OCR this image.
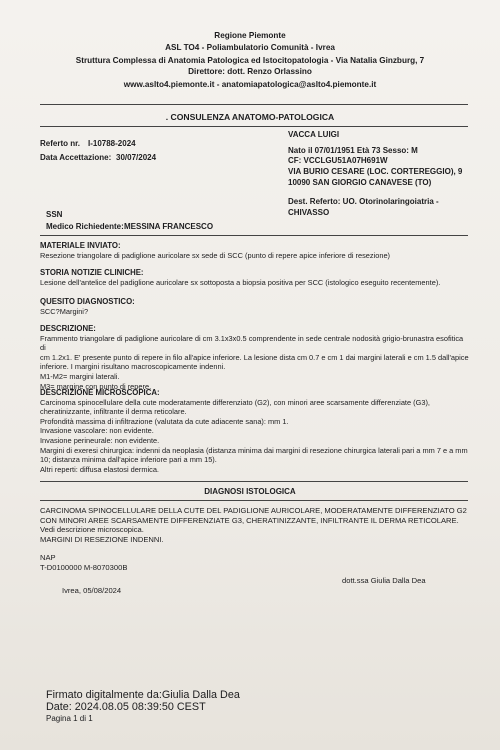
Regione Piemonte
ASL TO4 - Poliambulatorio Comunità - Ivrea
Struttura Complessa di Anatomia Patologica ed Istocitopatologia - Via Natalia Ginzburg, 7
Direttore: dott. Renzo Orlassino
www.aslto4.piemonte.it - anatomiapatologica@aslto4.piemonte.it
. CONSULENZA ANATOMO-PATOLOGICA
Referto nr. I-10788-2024
Data Accettazione: 30/07/2024
VACCA LUIGI
Nato il 07/01/1951 Età 73 Sesso: M
CF: VCCLGU51A07H691W
VIA BURIO CESARE (LOC. CORTEREGGIO), 9
10090 SAN GIORGIO CANAVESE (TO)
Dest. Referto: UO. Otorinolaringoiatria -
CHIVASSO
SSN
Medico Richiedente: MESSINA FRANCESCO
MATERIALE INVIATO:
Resezione triangolare di padiglione auricolare sx sede di SCC (punto di repere apice inferiore di resezione)
STORIA NOTIZIE CLINICHE:
Lesione dell'antelice del padiglione auricolare sx sottoposta a biopsia positiva per SCC (istologico eseguito recentemente).
QUESITO DIAGNOSTICO:
SCC?Margini?
DESCRIZIONE:
Frammento triangolare di padiglione auricolare di cm 3.1x3x0.5 comprendente in sede centrale nodosità grigio-brunastra esofitica di
cm 1.2x1. E' presente punto di repere in filo all'apice inferiore. La lesione dista cm 0.7 e cm 1 dai margini laterali e cm 1.5 dall'apice
inferiore. I margini risultano macroscopicamente indenni.
M1-M2= margini laterali.
M3= margine con punto di repere.
DESCRIZIONE MICROSCOPICA:
Carcinoma spinocellulare della cute moderatamente differenziato (G2), con minori aree scarsamente differenziate (G3),
cheratinizzante, infiltrante il derma reticolare.
Profondità massima di infiltrazione (valutata da cute adiacente sana): mm 1.
Invasione vascolare: non evidente.
Invasione perineurale: non evidente.
Margini di exeresi chirurgica: indenni da neoplasia (distanza minima dai margini di resezione chirurgica laterali pari a mm 7 e a mm
10; distanza minima dall'apice inferiore pari a mm 15).
Altri reperti: diffusa elastosi dermica.
DIAGNOSI ISTOLOGICA
CARCINOMA SPINOCELLULARE DELLA CUTE DEL PADIGLIONE AURICOLARE, MODERATAMENTE DIFFERENZIATO G2
CON MINORI AREE SCARSAMENTE DIFFERENZIATE G3, CHERATINIZZANTE, INFILTRANTE IL DERMA RETICOLARE.
Vedi descrizione microscopica.
MARGINI DI RESEZIONE INDENNI.
NAP
T-D0100000 M-8070300B
Ivrea, 05/08/2024
dott.ssa Giulia Dalla Dea
Firmato digitalmente da:Giulia Dalla Dea
Date: 2024.08.05 08:39:50 CEST
Pagina 1 di 1
